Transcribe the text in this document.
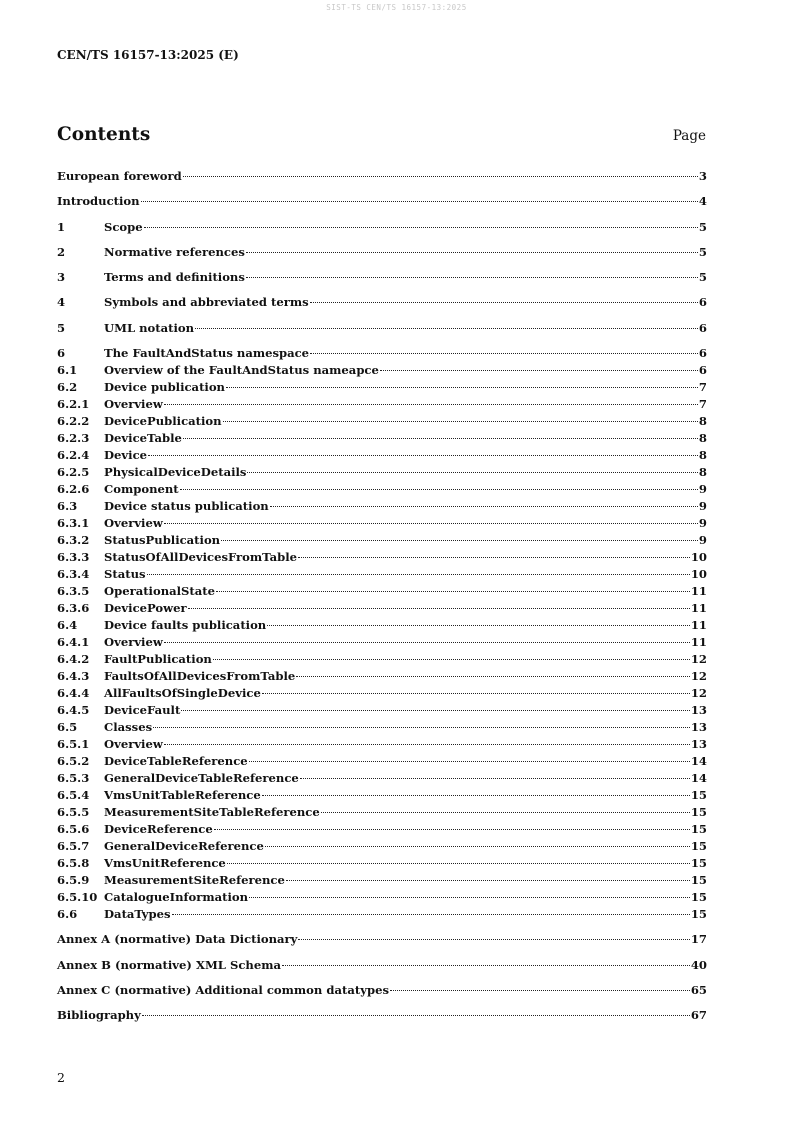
SIST-TS CEN/TS 16157-13:2025
CEN/TS 16157-13:2025 (E)
Contents	Page
European foreword	3
Introduction	4
1	Scope	5
2	Normative references	5
3	Terms and definitions	5
4	Symbols and abbreviated terms	6
5	UML notation	6
6	The FaultAndStatus namespace	6
6.1	Overview of the FaultAndStatus nameapce	6
6.2	Device publication	7
6.2.1	Overview	7
6.2.2	DevicePublication	8
6.2.3	DeviceTable	8
6.2.4	Device	8
6.2.5	PhysicalDeviceDetails	8
6.2.6	Component	9
6.3	Device status publication	9
6.3.1	Overview	9
6.3.2	StatusPublication	9
6.3.3	StatusOfAllDevicesFromTable	10
6.3.4	Status	10
6.3.5	OperationalState	11
6.3.6	DevicePower	11
6.4	Device faults publication	11
6.4.1	Overview	11
6.4.2	FaultPublication	12
6.4.3	FaultsOfAllDevicesFromTable	12
6.4.4	AllFaultsOfSingleDevice	12
6.4.5	DeviceFault	13
6.5	Classes	13
6.5.1	Overview	13
6.5.2	DeviceTableReference	14
6.5.3	GeneralDeviceTableReference	14
6.5.4	VmsUnitTableReference	15
6.5.5	MeasurementSiteTableReference	15
6.5.6	DeviceReference	15
6.5.7	GeneralDeviceReference	15
6.5.8	VmsUnitReference	15
6.5.9	MeasurementSiteReference	15
6.5.10 CatalogueInformation	15
6.6	DataTypes	15
Annex A (normative) Data Dictionary	17
Annex B (normative) XML Schema	40
Annex C (normative) Additional common datatypes	65
Bibliography	67
2
